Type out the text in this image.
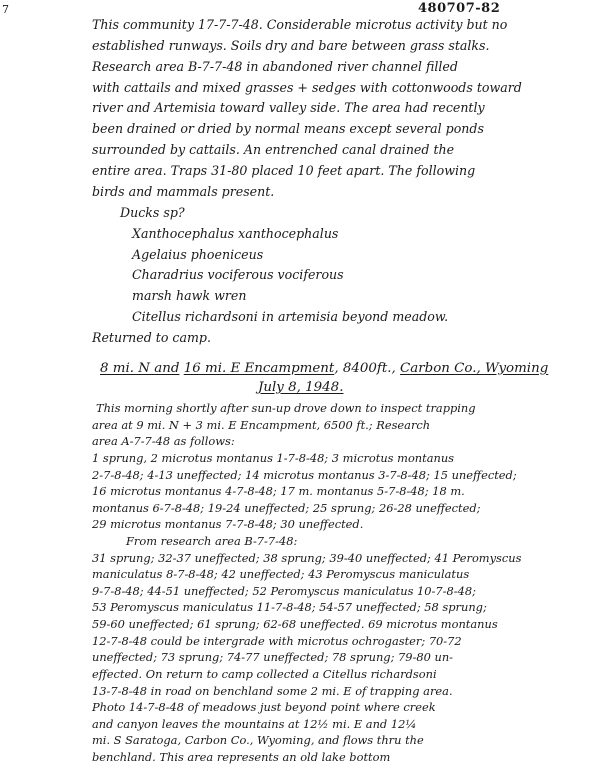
7	480707-82
This community 17-7-7-48. Considerable microtus activity but no
established runways. Soils dry and bare between grass stalks.
Research area B-7-7-48 in abandoned river channel filled
with cattails and mixed grasses + sedges with cottonwoods toward
river and Artemisia toward valley side. The area had recently
been drained or dried by normal means except several ponds
surrounded by cattails. An entrenched canal drained the
entire area. Traps 31-80 placed 10 feet apart. The following
birds and mammals present.
Ducks sp?
Xanthocephalus xanthocephalus
Agelaius phoeniceus
Charadrius vociferous vociferous
marsh hawk wren
Citellus richardsoni in artemisia beyond meadow.
Returned to camp.
8 mi. N and 16 mi. E Encampment, 8400ft., Carbon Co., Wyoming
July 8, 1948.
This morning shortly after sun-up drove down to inspect trapping
area at 9 mi. N + 3 mi. E Encampment, 6500 ft.; Research
area A-7-7-48 as follows:
1 sprung, 2 microtus montanus 1-7-8-48; 3 microtus montanus
2-7-8-48; 4-13 uneffected; 14 microtus montanus 3-7-8-48; 15 uneffected;
16 microtus montanus 4-7-8-48; 17 m. montanus 5-7-8-48; 18 m.
montanus 6-7-8-48; 19-24 uneffected; 25 sprung; 26-28 uneffected;
29 microtus montanus 7-7-8-48; 30 uneffected.
From research area B-7-7-48:
31 sprung; 32-37 uneffected; 38 sprung; 39-40 uneffected; 41 Peromyscus
maniculatus 8-7-8-48; 42 uneffected; 43 Peromyscus maniculatus
9-7-8-48; 44-51 uneffected; 52 Peromyscus maniculatus 10-7-8-48;
53 Peromyscus maniculatus 11-7-8-48; 54-57 uneffected; 58 sprung;
59-60 uneffected; 61 sprung; 62-68 uneffected. 69 microtus montanus
12-7-8-48 could be intergrade with microtus ochrogaster; 70-72
uneffected; 73 sprung; 74-77 uneffected; 78 sprung; 79-80 un-
effected. On return to camp collected a Citellus richardsoni
13-7-8-48 in road on benchland some 2 mi. E of trapping area.
Photo 14-7-8-48 of meadows just beyond point where creek
and canyon leaves the mountains at 12½ mi. E and 12¼
mi. S Saratoga, Carbon Co., Wyoming, and flows thru the
benchland. This area represents an old lake bottom
